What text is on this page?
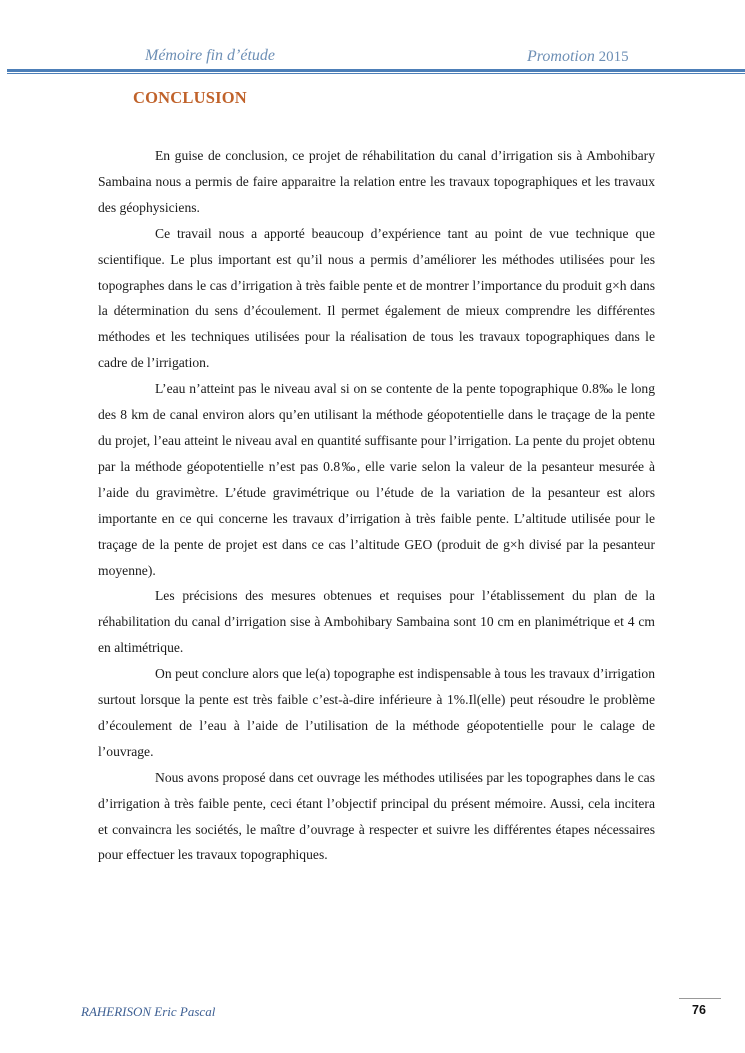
Mémoire fin d’étude	Promotion 2015
CONCLUSION

En guise de conclusion, ce projet de réhabilitation du canal d’irrigation sis à Ambohibary Sambaina nous a permis de faire apparaitre la relation entre les travaux topographiques et les travaux des géophysiciens.

Ce travail nous a apporté beaucoup d’expérience tant au point de vue technique que scientifique. Le plus important est qu’il nous a permis d’améliorer les méthodes utilisées pour les topographes dans le cas d’irrigation à très faible pente et de montrer l’importance du produit g×h dans la détermination du sens d’écoulement. Il permet également de mieux comprendre les différentes méthodes et les techniques utilisées pour la réalisation de tous les travaux topographiques dans le cadre de l’irrigation.

L’eau n’atteint pas le niveau aval si on se contente de la pente topographique 0.8‰ le long des 8 km de canal environ alors qu’en utilisant la méthode géopotentielle dans le traçage de la pente du projet, l’eau atteint le niveau aval en quantité suffisante pour l’irrigation. La pente du projet obtenu par la méthode géopotentielle n’est pas 0.8‰, elle varie selon la valeur de la pesanteur mesurée à l’aide du gravimètre. L’étude gravimétrique ou l’étude de la variation de la pesanteur est alors importante en ce qui concerne les travaux d’irrigation à très faible pente. L’altitude utilisée pour le traçage de la pente de projet est dans ce cas l’altitude GEO (produit de g×h divisé par la pesanteur moyenne).

Les précisions des mesures obtenues et requises pour l’établissement du plan de la réhabilitation du canal d’irrigation sise à Ambohibary Sambaina sont 10 cm en planimétrique et 4 cm en altimétrique.

On peut conclure alors que le(a) topographe est indispensable à tous les travaux d’irrigation surtout lorsque la pente est très faible c’est-à-dire inférieure à 1%.Il(elle) peut résoudre le problème d’écoulement de l’eau à l’aide de l’utilisation de la méthode géopotentielle pour le calage de l’ouvrage.

Nous avons proposé dans cet ouvrage les méthodes utilisées par les topographes dans le cas d’irrigation à très faible pente, ceci étant l’objectif principal du présent mémoire. Aussi, cela incitera et convaincra les sociétés, le maître d’ouvrage à respecter et suivre les différentes étapes nécessaires pour effectuer les travaux topographiques.

RAHERISON Eric Pascal	76
